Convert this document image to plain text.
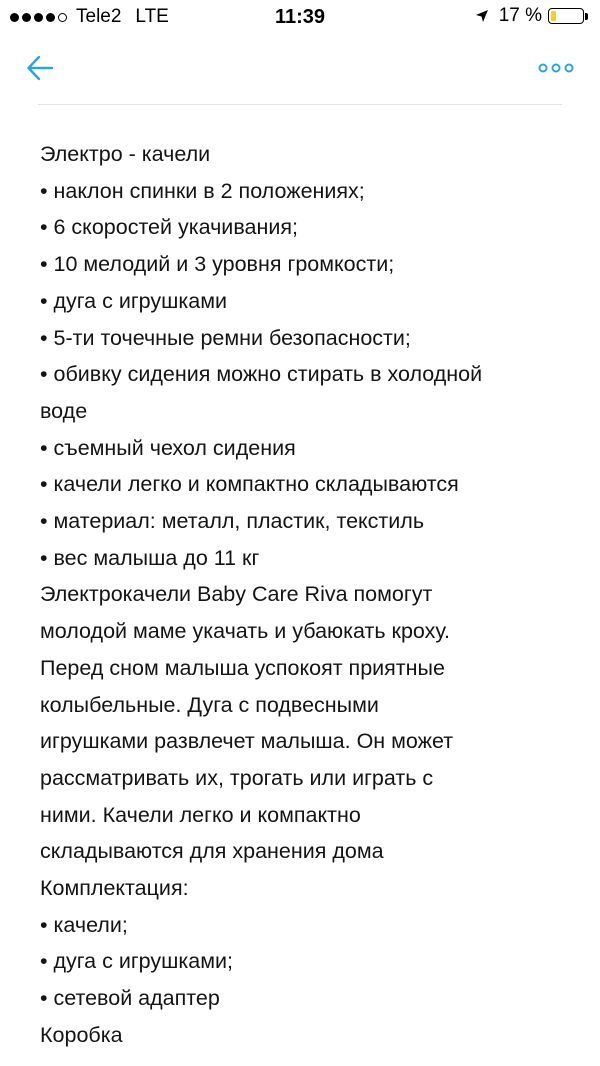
Tele2 LTE	11:39	17 %
Электро - качели
• наклон спинки в 2 положениях;
• 6 скоростей укачивания;
• 10 мелодий и 3 уровня громкости;
• дуга с игрушками
• 5-ти точечные ремни безопасности;
• обивку сидения можно стирать в холодной
воде
• съемный чехол сидения
• качели легко и компактно складываются
• материал: металл, пластик, текстиль
• вес малыша до 11 кг
Электрокачели Baby Care Riva помогут
молодой маме укачать и убаюкать кроху.
Перед сном малыша успокоят приятные
колыбельные. Дуга с подвесными
игрушками развлечет малыша. Он может
рассматривать их, трогать или играть с
ними. Качели легко и компактно
складываются для хранения дома
Комплектация:
• качели;
• дуга с игрушками;
• сетевой адаптер
Коробка
